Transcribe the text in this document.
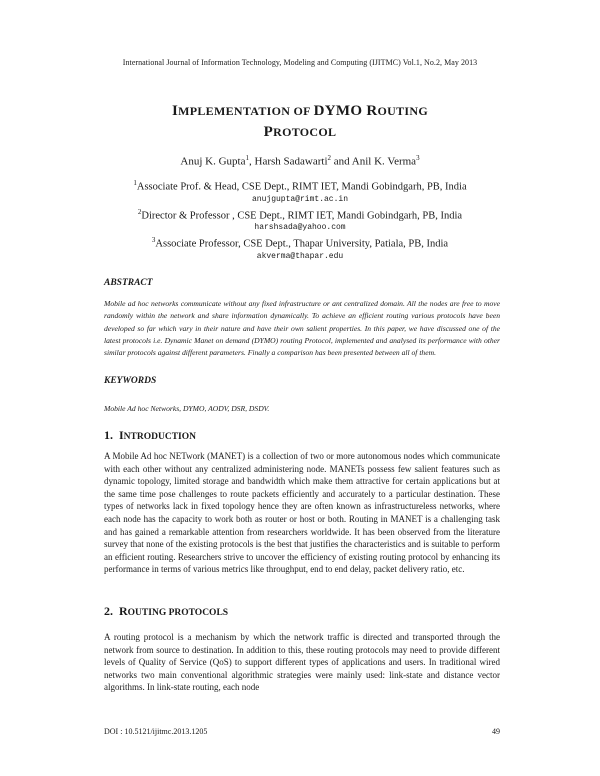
International Journal of Information Technology, Modeling and Computing (IJITMC) Vol.1, No.2, May 2013
IMPLEMENTATION OF DYMO ROUTING
PROTOCOL
Anuj K. Gupta$^1$, Harsh Sadawarti$^2$ and Anil K. Verma$^3$
$^1$Associate Prof. & Head, CSE Dept., RIMT IET, Mandi Gobindgarh, PB, India
anujgupta@rimt.ac.in
$^2$Director & Professor , CSE Dept., RIMT IET, Mandi Gobindgarh, PB, India
harshsada@yahoo.com
$^3$Associate Professor, CSE Dept., Thapar University, Patiala, PB, India
akverma@thapar.edu
ABSTRACT
Mobile ad hoc networks communicate without any fixed infrastructure or ant centralized domain. All the nodes are free to move randomly within the network and share information dynamically. To achieve an efficient routing various protocols have been developed so far which vary in their nature and have their own salient properties. In this paper, we have discussed one of the latest protocols i.e. Dynamic Manet on demand (DYMO) routing Protocol, implemented and analysed its performance with other similar protocols against different parameters. Finally a comparison has been presented between all of them.
KEYWORDS
Mobile Ad hoc Networks, DYMO, AODV, DSR, DSDV.
1. INTRODUCTION
A Mobile Ad hoc NETwork (MANET) is a collection of two or more autonomous nodes which communicate with each other without any centralized administering node. MANETs possess few salient features such as dynamic topology, limited storage and bandwidth which make them attractive for certain applications but at the same time pose challenges to route packets efficiently and accurately to a particular destination. These types of networks lack in fixed topology hence they are often known as infrastructureless networks, where each node has the capacity to work both as router or host or both. Routing in MANET is a challenging task and has gained a remarkable attention from researchers worldwide. It has been observed from the literature survey that none of the existing protocols is the best that justifies the characteristics and is suitable to perform an efficient routing. Researchers strive to uncover the efficiency of existing routing protocol by enhancing its performance in terms of various metrics like throughput, end to end delay, packet delivery ratio, etc.
2. ROUTING PROTOCOLS
A routing protocol is a mechanism by which the network traffic is directed and transported through the network from source to destination. In addition to this, these routing protocols may need to provide different levels of Quality of Service (QoS) to support different types of applications and users. In traditional wired networks two main conventional algorithmic strategies were mainly used: link-state and distance vector algorithms. In link-state routing, each node
DOI : 10.5121/ijitmc.2013.1205	49
